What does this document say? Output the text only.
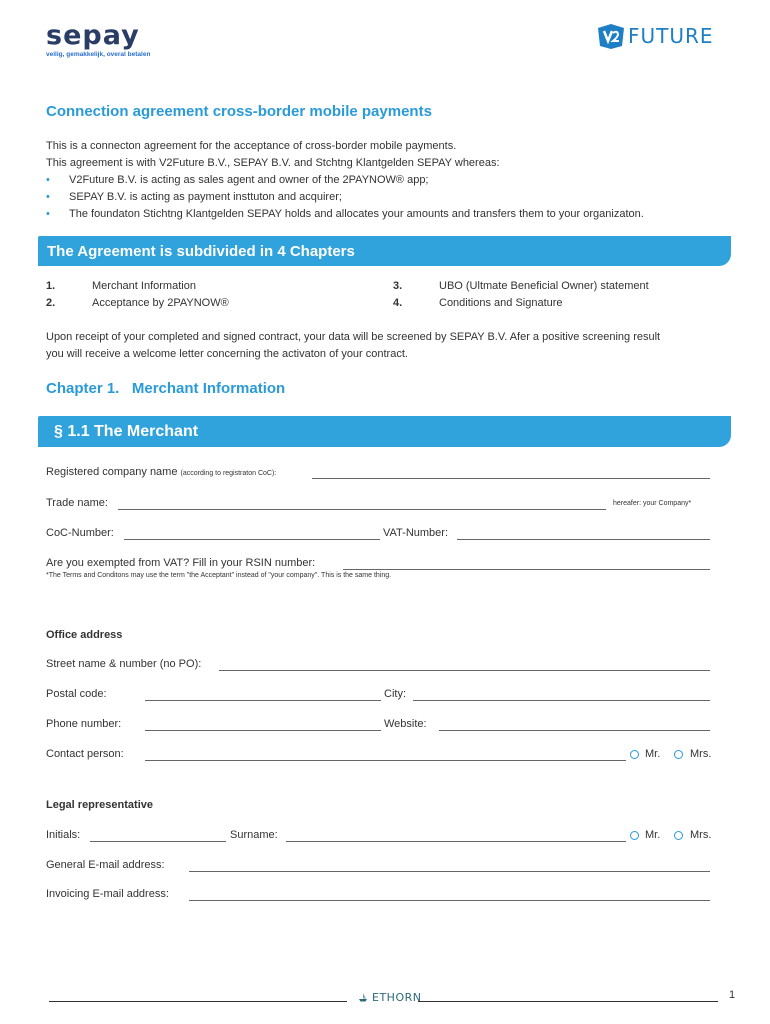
sepay
veilig, gemakkelijk, overal betalen
FUTURE
Connection agreement cross-border mobile payments
This is a connecton agreement for the acceptance of cross-border mobile payments.
This agreement is with V2Future B.V., SEPAY B.V. and Stchtng Klantgelden SEPAY whereas:
•	V2Future B.V. is acting as sales agent and owner of the 2PAYNOW® app;
•	SEPAY B.V. is acting as payment insttuton and acquirer;
•	The foundaton Stichtng Klantgelden SEPAY holds and allocates your amounts and transfers them to your organizaton.
The Agreement is subdivided in 4 Chapters
1.	Merchant Information
2.	Acceptance by 2PAYNOW®
3.	UBO (Ultmate Beneficial Owner) statement
4.	Conditions and Signature
Upon receipt of your completed and signed contract, your data will be screened by SEPAY B.V. Afer a positive screening result
you will receive a welcome letter concerning the activaton of your contract.
Chapter 1.   Merchant Information
§ 1.1 The Merchant
Registered company name (according to registraton CoC):
Trade name:	hereafer: your Company*
CoC-Number:	VAT-Number:
Are you exempted from VAT? Fill in your RSIN number:
*The Terms and Conditons may use the term "the Acceptant" instead of "your company". This is the same thing.
Office address
Street name & number (no PO):
Postal code:	City:
Phone number:	Website:
Contact person:	Mr.	Mrs.
Legal representative
Initials:	Surname:	Mr.	Mrs.
General E-mail address:
Invoicing E-mail address:
ETHORN	1
